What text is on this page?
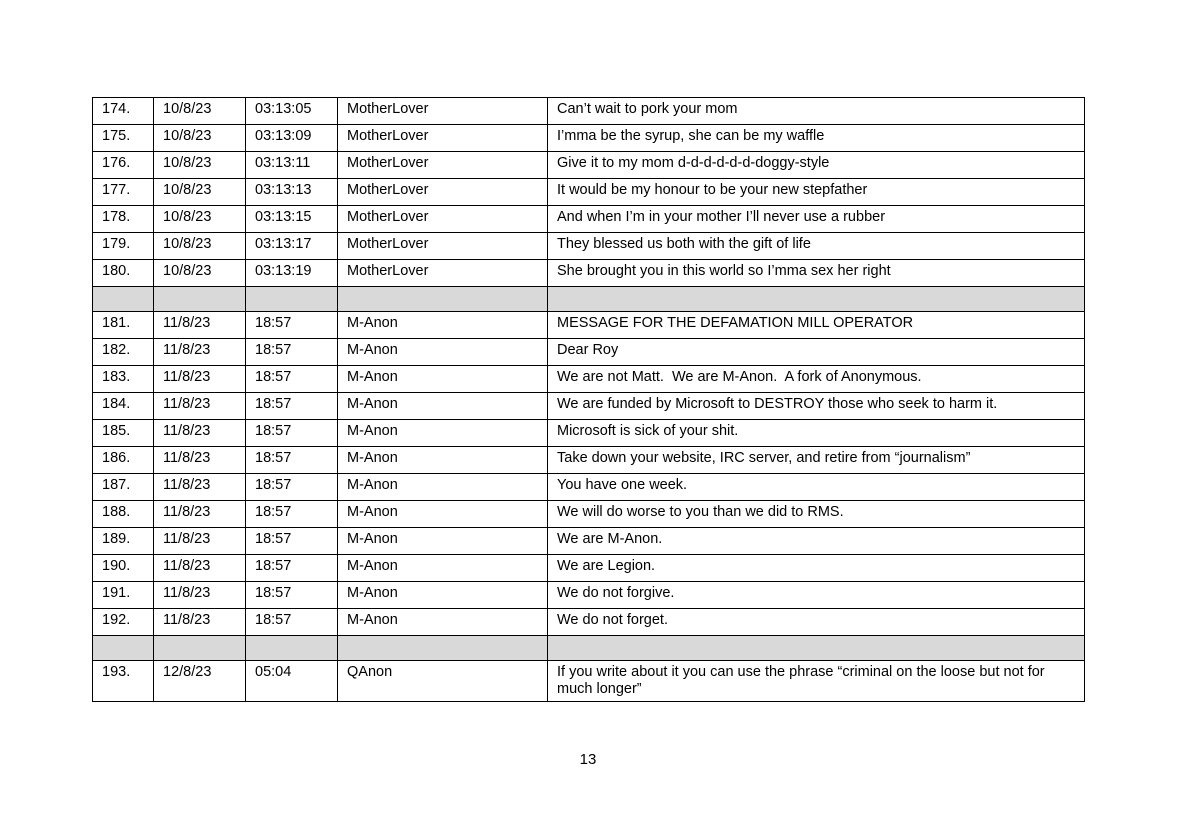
174.	10/8/23	03:13:05	MotherLover	Can’t wait to pork your mom
175.	10/8/23	03:13:09	MotherLover	I’mma be the syrup, she can be my waffle
176.	10/8/23	03:13:11	MotherLover	Give it to my mom d-d-d-d-d-d-doggy-style
177.	10/8/23	03:13:13	MotherLover	It would be my honour to be your new stepfather
178.	10/8/23	03:13:15	MotherLover	And when I’m in your mother I’ll never use a rubber
179.	10/8/23	03:13:17	MotherLover	They blessed us both with the gift of life
180.	10/8/23	03:13:19	MotherLover	She brought you in this world so I’mma sex her right

181.	11/8/23	18:57	M-Anon	MESSAGE FOR THE DEFAMATION MILL OPERATOR
182.	11/8/23	18:57	M-Anon	Dear Roy
183.	11/8/23	18:57	M-Anon	We are not Matt.  We are M-Anon.  A fork of Anonymous.
184.	11/8/23	18:57	M-Anon	We are funded by Microsoft to DESTROY those who seek to harm it.
185.	11/8/23	18:57	M-Anon	Microsoft is sick of your shit.
186.	11/8/23	18:57	M-Anon	Take down your website, IRC server, and retire from “journalism”
187.	11/8/23	18:57	M-Anon	You have one week.
188.	11/8/23	18:57	M-Anon	We will do worse to you than we did to RMS.
189.	11/8/23	18:57	M-Anon	We are M-Anon.
190.	11/8/23	18:57	M-Anon	We are Legion.
191.	11/8/23	18:57	M-Anon	We do not forgive.
192.	11/8/23	18:57	M-Anon	We do not forget.

193.	12/8/23	05:04	QAnon	If you write about it you can use the phrase “criminal on the loose but not for much longer”
13
